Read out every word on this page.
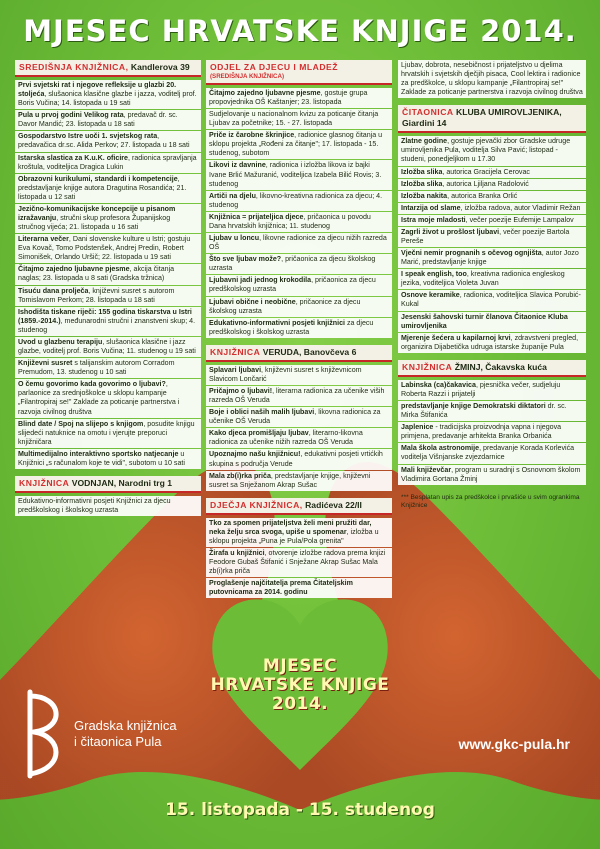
MJESEC HRVATSKE KNJIGE 2014.
SREDIŠNJA KNJIŽNICA, Kandlerova 39
Prvi svjetski rat i njegove refleksije u glazbi 20. stoljeća, slušaonica klasične glazbe i jazza, voditelj prof. Boris Vučina; 14. listopada u 19 sati
Pula u prvoj godini Velikog rata, predavač dr. sc. Davor Mandić; 23. listopada u 18 sati
Gospodarstvo Istre uoči 1. svjetskog rata, predavačica dr.sc. Alida Perkov; 27. listopada u 18 sati
Istarska slastica za K.u.K. oficire, radionica spravljanja kroštula, voditeljica Dragica Lukin
Obrazovni kurikulumi, standardi i kompetencije, predstavljanje knjige autora Dragutina Rosandića; 21. listopada u 12 sati
Jezično-komunikacijske koncepcije u pisanom izražavanju, stručni skup profesora Županijskog stručnog vijeća; 21. listopada u 16 sati
Literarna večer, Dani slovenske kulture u Istri; gostuju Eva Kovač, Tomo Podstenšek, Andrej Predin, Robert Simonišek, Orlando Uršič; 22. listopada u 19 sati
Čitajmo zajedno ljubavne pjesme, akcija čitanja naglas; 23. listopada u 8 sati (Gradska tržnica)
Tisuću dana prolječa, književni susret s autorom Tomislavom Perkom; 28. listopada u 18 sati
Ishodišta tiskane riječi: 155 godina tiskarstva u Istri (1859.-2014.), međunarodni stručni i znanstveni skup; 4. studenog
Uvod u glazbenu terapiju, slušaonica klasične i jazz glazbe, voditelj prof. Boris Vučina; 11. studenog u 19 sati
Književni susret s talijanskim autorom Corradom Premudom, 13. studenog u 10 sati
O čemu govorimo kada govorimo o ljubavi?, parlaonice za srednjoškolce u sklopu kampanje „Filantropiraj se!" Zaklade za poticanje partnerstva i razvoja civilnog društva
Blind date / Spoj na slijepo s knjigom, posudite knjigu slijedeći natuknice na omotu i vjerujte preporuci knjižničara
Multimedijalno interaktivno sportsko natjecanje u Knjižnici „s računalom koje te vidi", subotom u 10 sati
KNJIŽNICA VODNJAN, Narodni trg 1
Edukativno-informativni posjeti Knjižnici za djecu predškolskog i školskog uzrasta
ODJEL ZA DJECU I MLADEŽ
(SREDIŠNJA KNJIŽNICA)
Čitajmo zajedno ljubavne pjesme, gostuje grupa propovjednika OŠ Kaštanjer; 23. listopada
Sudjelovanje u nacionalnom kvizu za poticanje čitanja Ljubav za početnike; 15. - 27. listopada
Priče iz čarobne škrinjice, radionice glasnog čitanja u sklopu projekta „Rođeni za čitanje"; 17. listopada - 15. studenog, subotom
Likovi iz davnine, radionica i izložba likova iz bajki Ivane Brlić Mažuranić, voditeljica Izabela Bilić Rovis; 3. studenog
Artiči na djelu, likovno-kreativna radionica za djecu; 4. studenog
Knjižnica = prijateljica djece, pričaonica u povodu Dana hrvatskih knjižnica; 11. studenog
Ljubav u loncu, likovne radionice za djecu nižih razreda OŠ
Što sve ljubav može?, pričaonica za djecu školskog uzrasta
Ljubavni jadi jednog krokodila, pričaonica za djecu predškolskog uzrasta
Ljubavi obične i neobične, pričaonice za djecu školskog uzrasta
Edukativno-informativni posjeti knjižnici za djecu predškolskog i školskog uzrasta
KNJIŽNICA VERUDA, Banovčeva 6
Splavari ljubavi, književni susret s književnicom Slavicom Lončarić
Pričajmo o ljubavi!, literarna radionica za učenike viših razreda OŠ Veruda
Boje i oblici naših malih ljubavi, likovna radionica za učenike OŠ Veruda
Kako djeca promišljaju ljubav, literarno-likovna radionica za učenike nižih razreda OŠ Veruda
Upoznajmo našu knjižnicu!, edukativni posjeti vrtićkih skupina s područja Verude
Mala zb(i)rka priča, predstavljanje knjige, književni susret sa Snježanom Akrap Sušac
DJEČJA KNJIŽNICA, Radićeva 22/II
Tko za spomen prijateljstva želi meni pružiti dar, neka želju srca svoga, upiše u spomenar, izložba u sklopu projekta „Puna je Pula/Pola grenita"
Žirafa u knjižnici, otvorenje izložbe radova prema knjizi Feodore Gubaš Štifanić i Snježane Akrap Sušac Mala zb(i)rka priča
Proglašenje najčitatelja prema Čitateljskim putovnicama za 2014. godinu
Ljubav, dobrota, nesebičnost i prijateljstvo u djelima hrvatskih i svjetskih dječjih pisaca, Cool lektira i radionice za predškolce, u sklopu kampanje „Filantropiraj se!" Zaklade za poticanje partnerstva i razvoja civilnog društva
ČITAONICA KLUBA UMIROVLJENIKA, Giardini 14
Zlatne godine, gostuje pjevački zbor Gradske udruge umirovljenika Pula, voditelja Silva Pavić; listopad - studeni, ponedjeljkom u 17.30
Izložba slika, autorica Gracijela Cerovac
Izložba slika, autorica Ljiljana Radolović
Izložba nakita, autorica Branka Orlić
Intarzija od slame, izložba radova, autor Vladimir Režan
Istra moje mladosti, večer poezije Eufemije Lampalov
Zagrli život u prošlost ljubavi, večer poezije Bartola Pereše
Vječni nemir prognanih s očevog ognjišta, autor Jozo Marić, predstavljanje knjige
I speak english, too, kreativna radionica engleskog jezika, voditeljica Violeta Juvan
Osnove keramike, radionica, voditeljica Slavica Porubić-Kukal
Jesenski šahovski turnir članova Čitaonice Kluba umirovljenika
Mjerenje šećera u kapilarnoj krvi, zdravstveni pregled, organizira Dijabetička udruga istarske županije Pula
KNJIŽNICA ŽMINJ, Čakavska kuća
Labinska (ca)čakavica, pjesnička večer, sudjeluju Roberta Razzi i prijatelji
predstavljanje knjige Demokratski diktatori dr. sc. Mirka Štifanića
Japlenice - tradicijska proizvodnja vapna i njegova primjena, predavanje arhitekta Branka Orbanića
Mala škola astronomije, predavanje Korada Korlevića voditelja Višnjanske zvjezdarnice
Mali književčar, program u suradnji s Osnovnom školom Vladimira Gortana Žminj
*** Besplatan upis za predškolce i prvašiće u svim ogrankima Knjižnice
MJESEC
HRVATSKE KNJIGE
2014.
Gradska knjižnica
i čitaonica Pula	www.gkc-pula.hr
15. listopada - 15. studenog
